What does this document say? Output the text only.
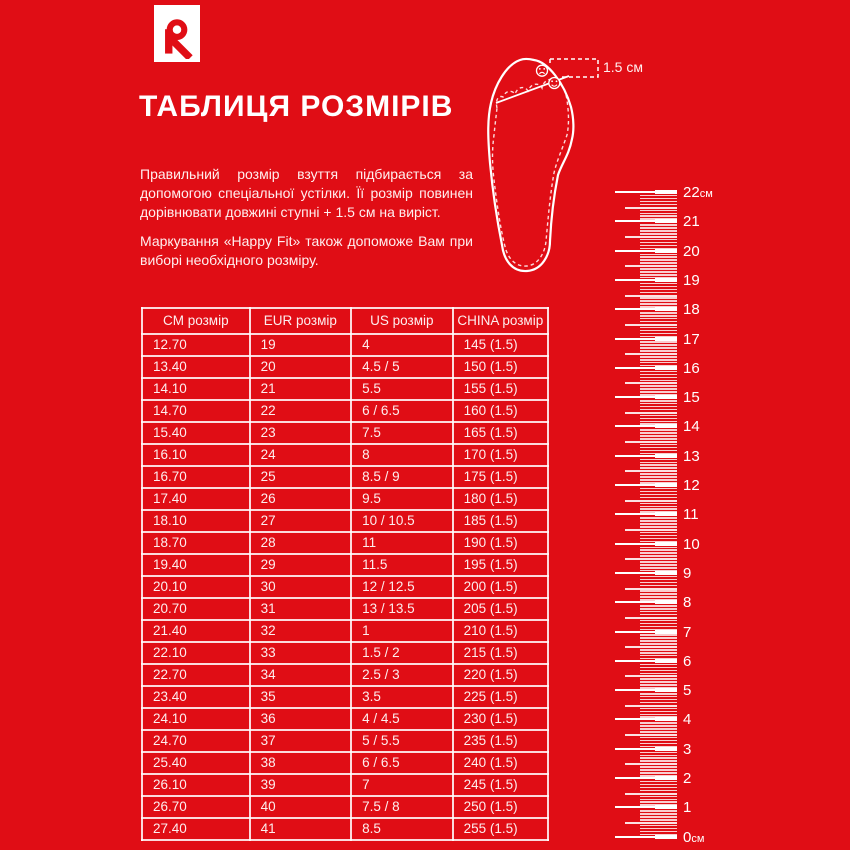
ТАБЛИЦЯ РОЗМІРІВ

Правильний розмір взуття підбирається за допомогою спеціальної устілки. Її розмір повинен дорівнювати довжині ступні + 1.5 см на виріст.

Маркування «Happy Fit» також допоможе Вам при виборі необхідного розміру.

1.5 см
22см
21
20
19
18
17
16
15
14
13
12
11
10
9
8
7
6
5
4
3
2
1
0см
CM розмір	EUR розмір	US розмір	CHINA розмір
12.70	19	4	145 (1.5)
13.40	20	4.5 / 5	150 (1.5)
14.10	21	5.5	155 (1.5)
14.70	22	6 / 6.5	160 (1.5)
15.40	23	7.5	165 (1.5)
16.10	24	8	170 (1.5)
16.70	25	8.5 / 9	175 (1.5)
17.40	26	9.5	180 (1.5)
18.10	27	10 / 10.5	185 (1.5)
18.70	28	11	190 (1.5)
19.40	29	11.5	195 (1.5)
20.10	30	12 / 12.5	200 (1.5)
20.70	31	13 / 13.5	205 (1.5)
21.40	32	1	210 (1.5)
22.10	33	1.5 / 2	215 (1.5)
22.70	34	2.5 / 3	220 (1.5)
23.40	35	3.5	225 (1.5)
24.10	36	4 / 4.5	230 (1.5)
24.70	37	5 / 5.5	235 (1.5)
25.40	38	6 / 6.5	240 (1.5)
26.10	39	7	245 (1.5)
26.70	40	7.5 / 8	250 (1.5)
27.40	41	8.5	255 (1.5)
